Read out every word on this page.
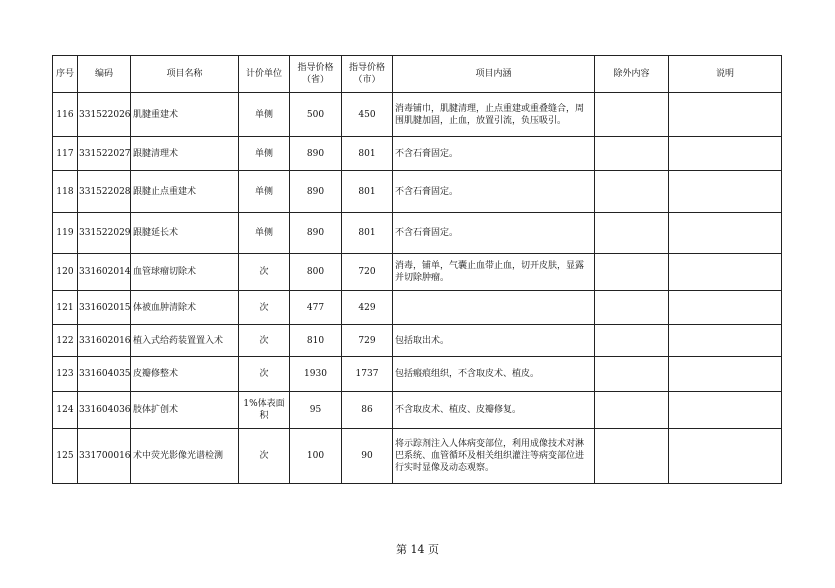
序号	编码	项目名称	计价单位	指导价格（省）	指导价格（市）	项目内涵	除外内容	说明
116	331522026	肌腱重建术	单侧	500	450	消毒铺巾，肌腱清理，止点重建或重叠缝合，周围肌腱加固，止血，放置引流，负压吸引。		
117	331522027	跟腱清理术	单侧	890	801	不含石膏固定。		
118	331522028	跟腱止点重建术	单侧	890	801	不含石膏固定。		
119	331522029	跟腱延长术	单侧	890	801	不含石膏固定。		
120	331602014	血管球瘤切除术	次	800	720	消毒，铺单，气囊止血带止血，切开皮肤，显露并切除肿瘤。		
121	331602015	体被血肿清除术	次	477	429			
122	331602016	植入式给药装置置入术	次	810	729	包括取出术。		
123	331604035	皮瓣修整术	次	1930	1737	包括瘢痕组织，不含取皮术、植皮。		
124	331604036	肢体扩创术	1%体表面积	95	86	不含取皮术、植皮、皮瓣修复。		
125	331700016	术中荧光影像光谱检测	次	100	90	将示踪剂注入人体病变部位，利用成像技术对淋巴系统、血管循环及相关组织灌注等病变部位进行实时显像及动态观察。		
第 14 页
